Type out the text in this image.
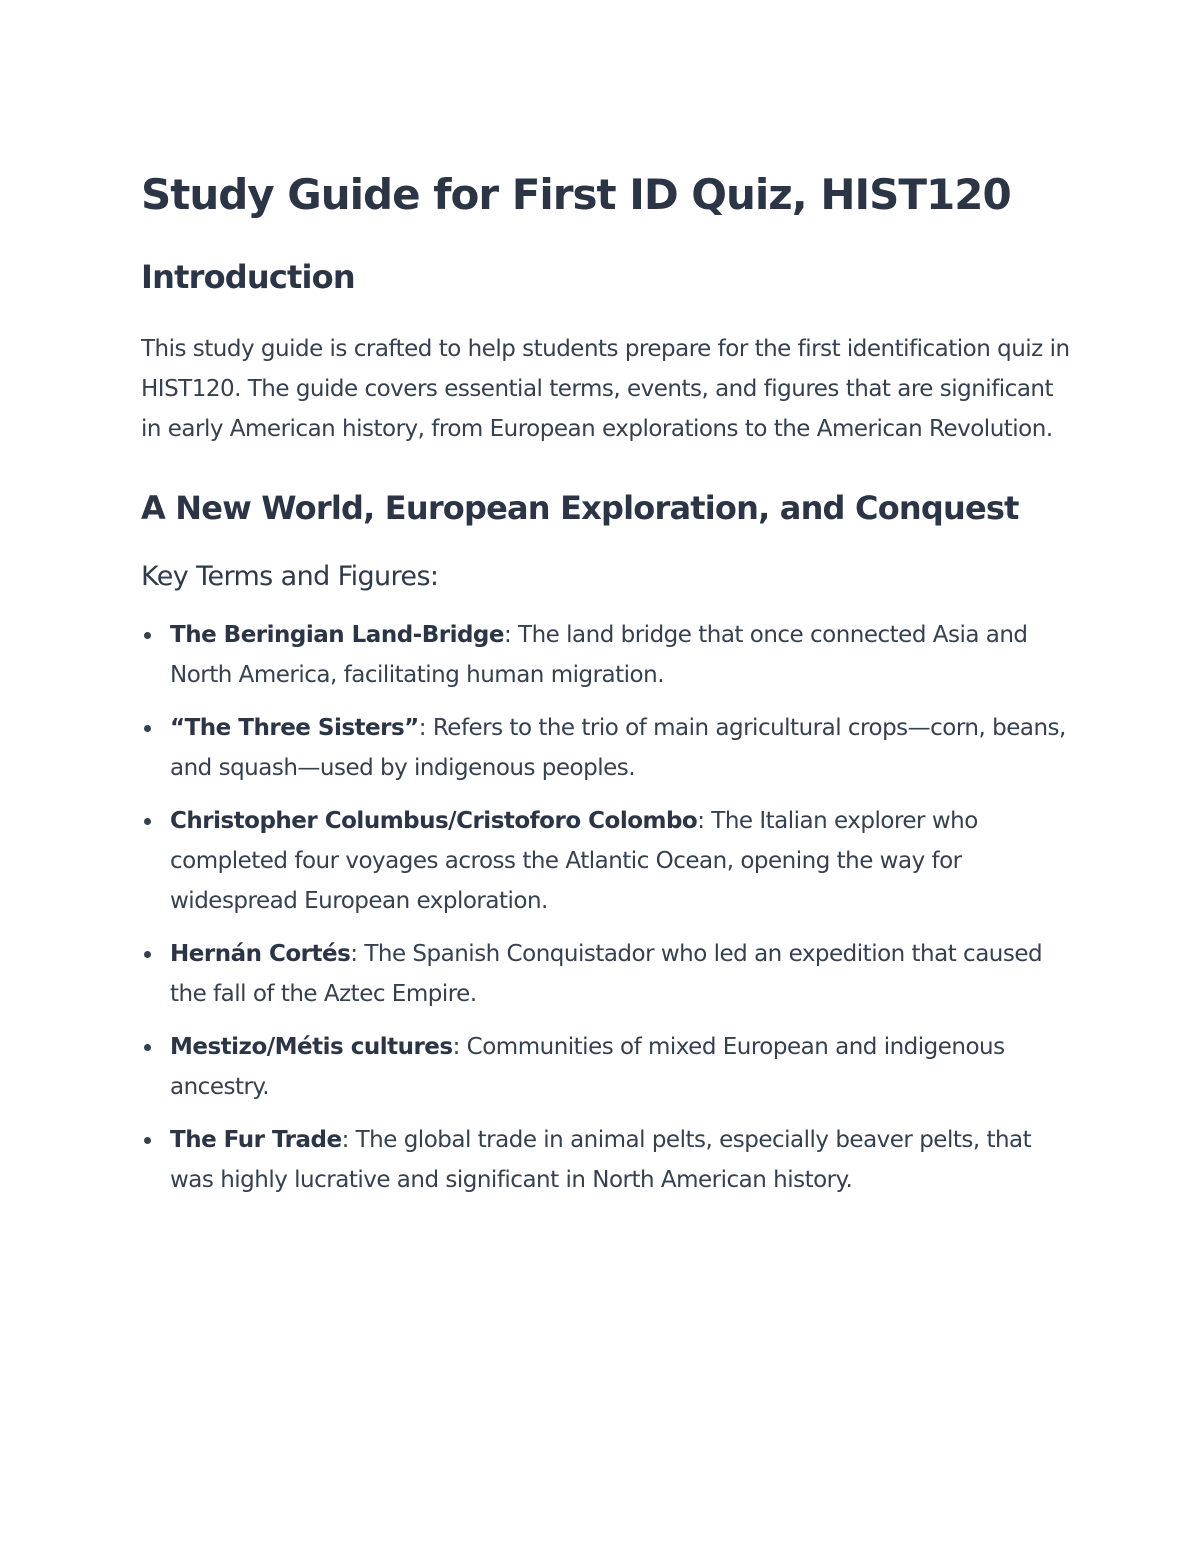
Study Guide for First ID Quiz, HIST120
Introduction

This study guide is crafted to help students prepare for the first identification quiz in HIST120. The guide covers essential terms, events, and figures that are significant in early American history, from European explorations to the American Revolution.

A New World, European Exploration, and Conquest
Key Terms and Figures:
The Beringian Land-Bridge: The land bridge that once connected Asia and North America, facilitating human migration.
“The Three Sisters”: Refers to the trio of main agricultural crops—corn, beans, and squash—used by indigenous peoples.
Christopher Columbus/Cristoforo Colombo: The Italian explorer who completed four voyages across the Atlantic Ocean, opening the way for widespread European exploration.
Hernán Cortés: The Spanish Conquistador who led an expedition that caused the fall of the Aztec Empire.
Mestizo/Métis cultures: Communities of mixed European and indigenous ancestry.
The Fur Trade: The global trade in animal pelts, especially beaver pelts, that was highly lucrative and significant in North American history.
